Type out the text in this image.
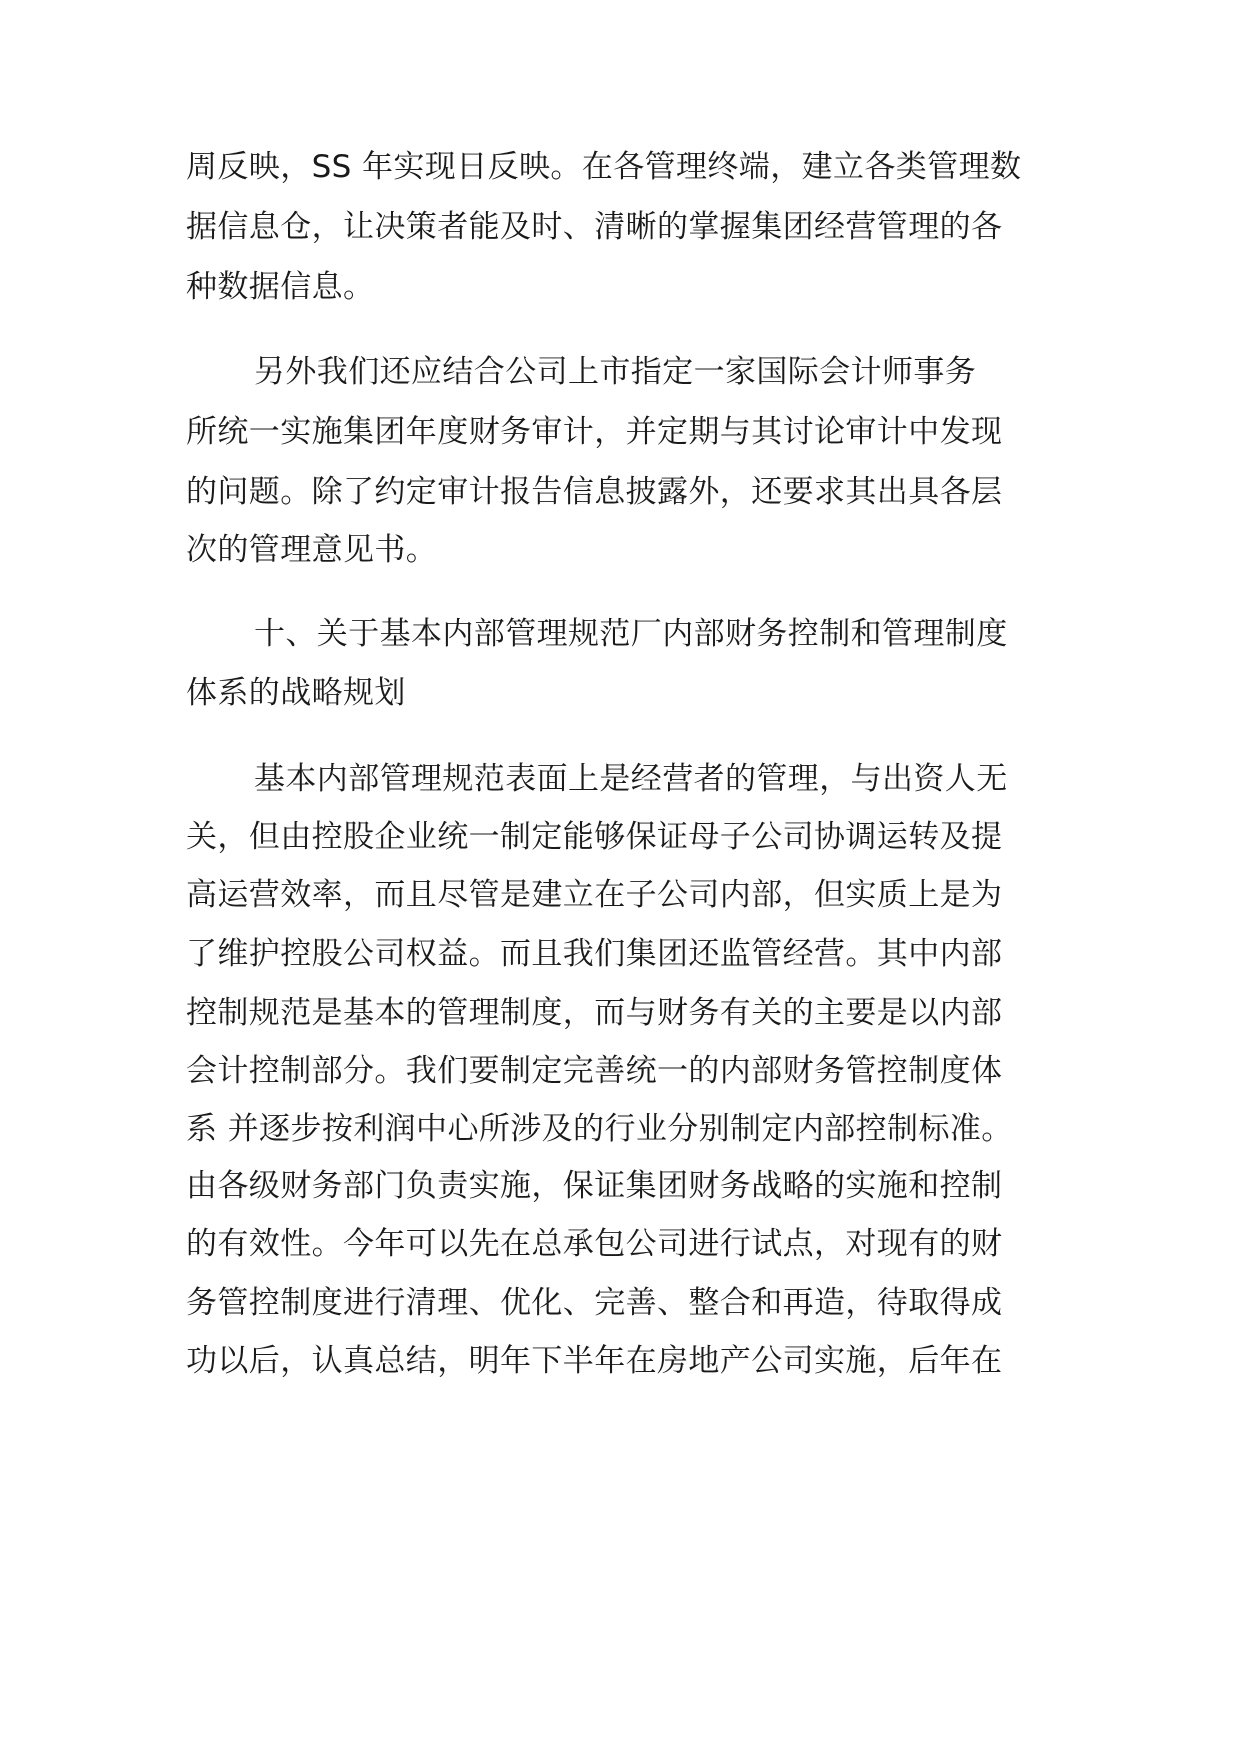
周反映，SS 年实现日反映。在各管理终端，建立各类管理数
据信息仓，让决策者能及时、清晰的掌握集团经营管理的各
种数据信息。
另外我们还应结合公司上市指定一家国际会计师事务
所统一实施集团年度财务审计，并定期与其讨论审计中发现
的问题。除了约定审计报告信息披露外，还要求其出具各层
次的管理意见书。
十、关于基本内部管理规范厂内部财务控制和管理制度
体系的战略规划
基本内部管理规范表面上是经营者的管理，与出资人无
关，但由控股企业统一制定能够保证母子公司协调运转及提
高运营效率，而且尽管是建立在子公司内部，但实质上是为
了维护控股公司权益。而且我们集团还监管经营。其中内部
控制规范是基本的管理制度，而与财务有关的主要是以内部
会计控制部分。我们要制定完善统一的内部财务管控制度体
系 并逐步按利润中心所涉及的行业分别制定内部控制标准。
由各级财务部门负责实施，保证集团财务战略的实施和控制
的有效性。今年可以先在总承包公司进行试点，对现有的财
务管控制度进行清理、优化、完善、整合和再造，待取得成
功以后，认真总结，明年下半年在房地产公司实施，后年在
